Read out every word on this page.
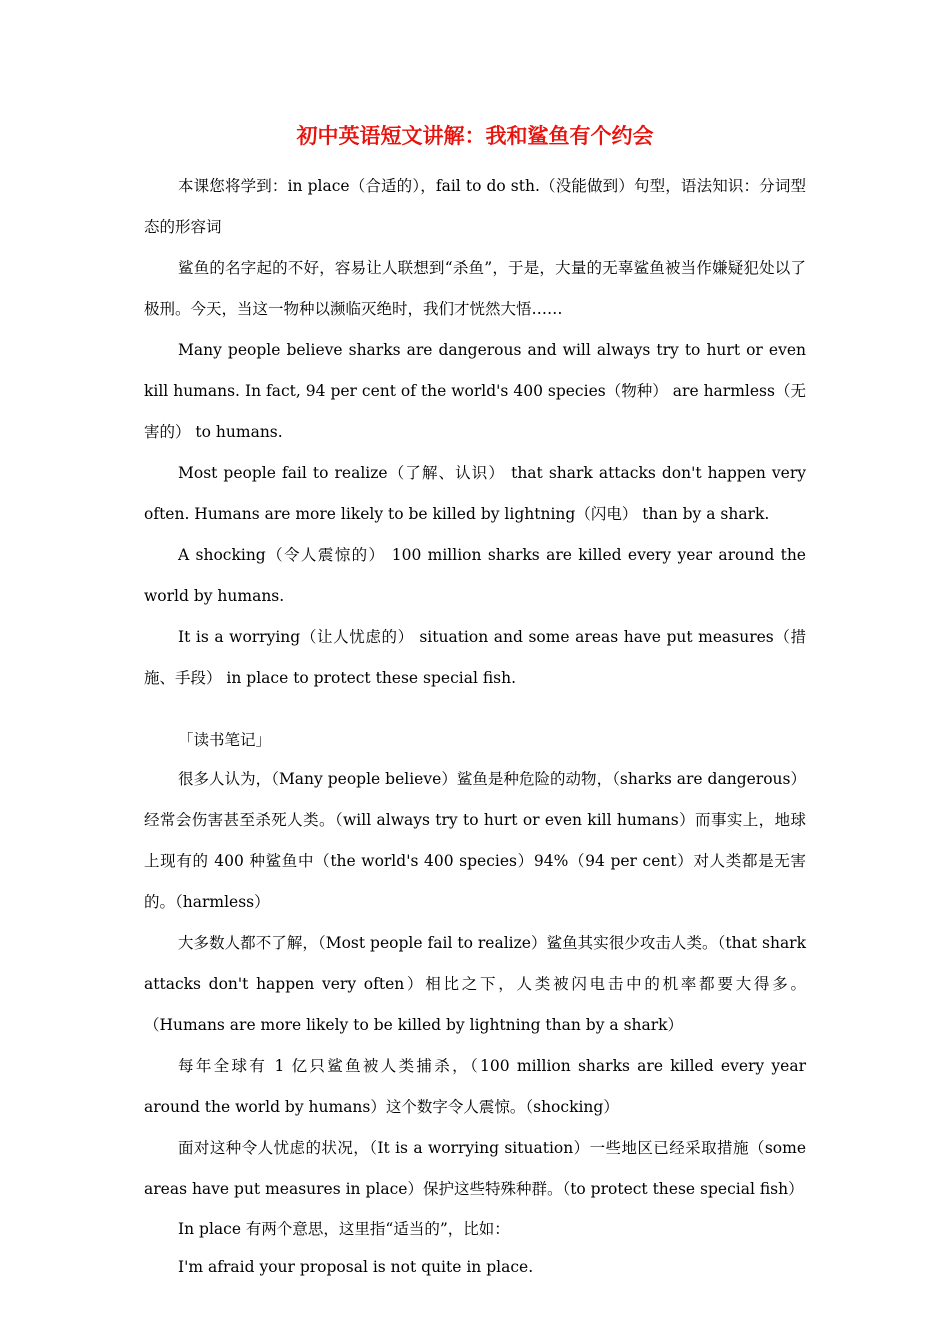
初中英语短文讲解：我和鲨鱼有个约会

本课您将学到：in place（合适的），fail to do sth.（没能做到）句型，语法知识：分词型态的形容词

鲨鱼的名字起的不好，容易让人联想到“杀鱼”，于是，大量的无辜鲨鱼被当作嫌疑犯处以了极刑。今天，当这一物种以濒临灭绝时，我们才恍然大悟……

Many people believe sharks are dangerous and will always try to hurt or even kill humans. In fact, 94 per cent of the world's 400 species（物种） are harmless（无害的） to humans.

Most people fail to realize（了解、认识） that shark attacks don't happen very often. Humans are more likely to be killed by lightning（闪电） than by a shark.

A shocking（令人震惊的） 100 million sharks are killed every year around the world by humans.

It is a worrying（让人忧虑的） situation and some areas have put measures（措施、手段） in place to protect these special fish.

「读书笔记」

很多人认为，（Many people believe）鲨鱼是种危险的动物，（sharks are dangerous）经常会伤害甚至杀死人类。（will always try to hurt or even kill humans）而事实上，地球上现有的 400 种鲨鱼中（the world's 400 species）94%（94 per cent）对人类都是无害的。（harmless）

大多数人都不了解，（Most people fail to realize）鲨鱼其实很少攻击人类。（that shark attacks don't happen very often）相比之下，人类被闪电击中的机率都要大得多。（Humans are more likely to be killed by lightning than by a shark）

每年全球有 1 亿只鲨鱼被人类捕杀，（100 million sharks are killed every year around the world by humans）这个数字令人震惊。（shocking）

面对这种令人忧虑的状况，（It is a worrying situation）一些地区已经采取措施（some areas have put measures in place）保护这些特殊种群。（to protect these special fish）

In place 有两个意思，这里指“适当的”，比如：

I'm afraid your proposal is not quite in place.
